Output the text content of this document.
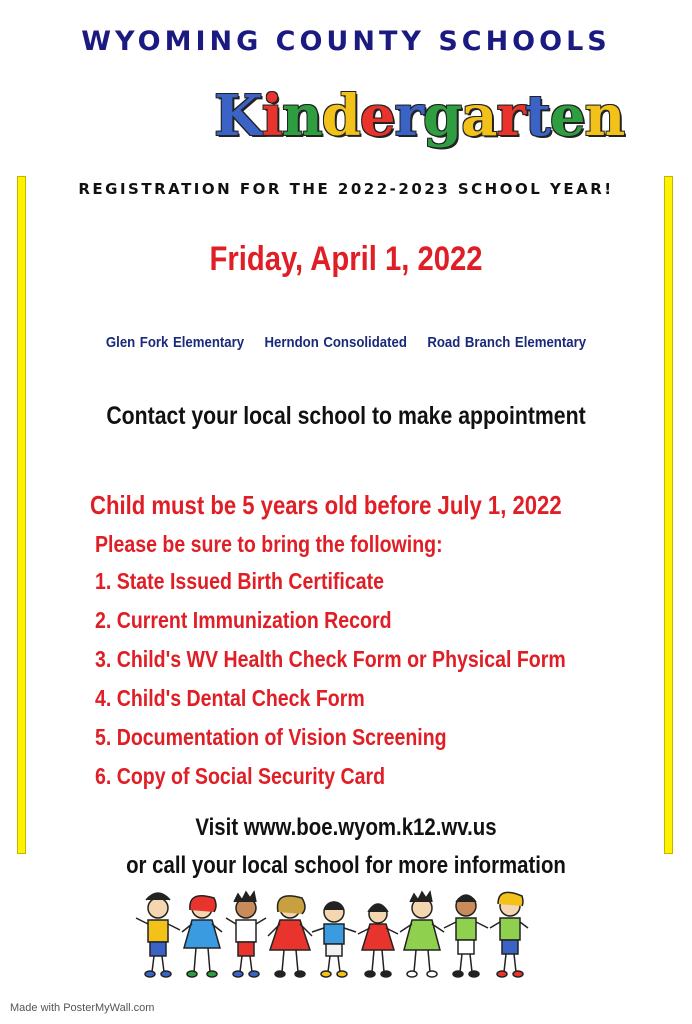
WYOMING COUNTY SCHOOLS
Kindergarten
REGISTRATION FOR THE 2022-2023 SCHOOL YEAR!
Friday, April 1, 2022
Glen Fork Elementary Herndon Consolidated Road Branch Elementary
Contact your local school to make appointment
Child must be 5 years old before July 1, 2022
Please be sure to bring the following:
1. State Issued Birth Certificate
2. Current Immunization Record
3. Child's WV Health Check Form or Physical Form
4. Child's Dental Check Form
5. Documentation of Vision Screening
6. Copy of Social Security Card
Visit www.boe.wyom.k12.wv.us
or call your local school for more information
Made with PosterMyWall.com
